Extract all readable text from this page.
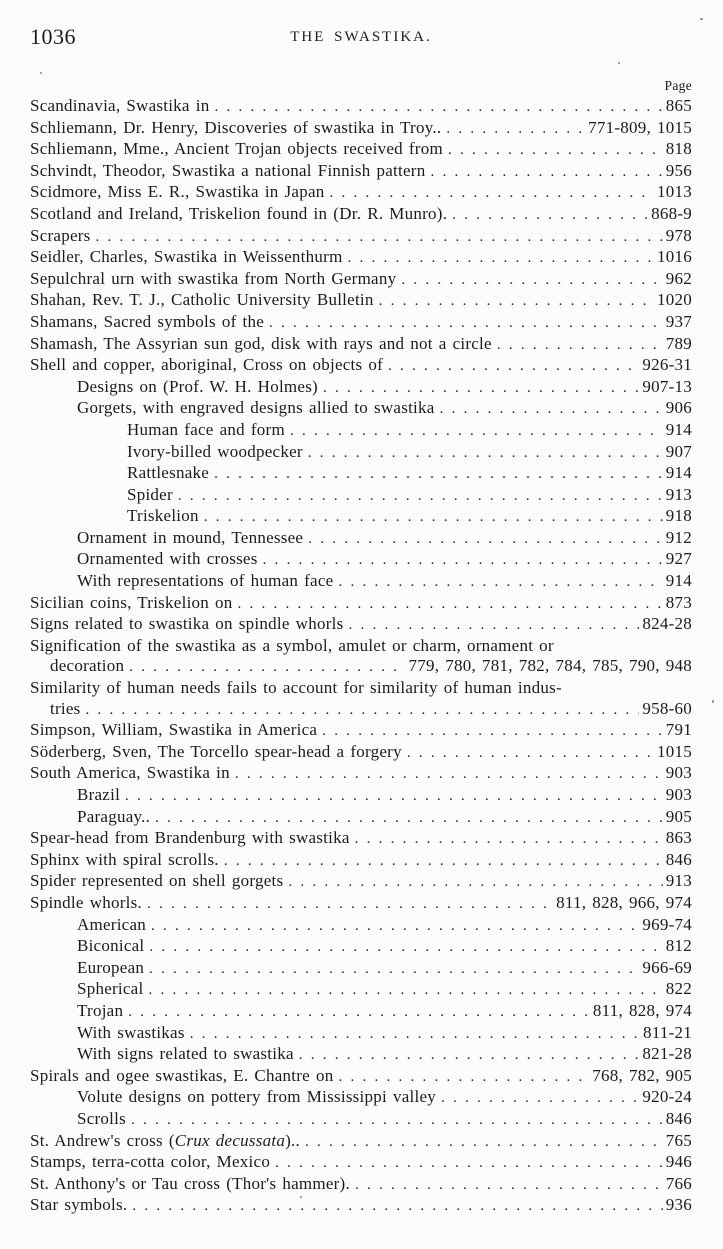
1036	THE SWASTIKA.
Page
Scandinavia, Swastika in . . .	865
Schliemann, Dr. Henry, Discoveries of swastika in Troy.. . . .	771-809, 1015
Schliemann, Mme., Ancient Trojan objects received from . . .	818
Schvindt, Theodor, Swastika a national Finnish pattern . . .	956
Scidmore, Miss E. R., Swastika in Japan . . .	1013
Scotland and Ireland, Triskelion found in (Dr. R. Munro). . . .	868-9
Scrapers . . .	978
Seidler, Charles, Swastika in Weissenthurm . . .	1016
Sepulchral urn with swastika from North Germany . . .	962
Shahan, Rev. T. J., Catholic University Bulletin . . .	1020
Shamans, Sacred symbols of the . . .	937
Shamash, The Assyrian sun god, disk with rays and not a circle . . .	789
Shell and copper, aboriginal, Cross on objects of . . .	926-31
Designs on (Prof. W. H. Holmes) . . .	907-13
Gorgets, with engraved designs allied to swastika . . .	906
Human face and form . . .	914
Ivory-billed woodpecker . . .	907
Rattlesnake . . .	914
Spider . . .	913
Triskelion . . .	918
Ornament in mound, Tennessee . . .	912
Ornamented with crosses . . .	927
With representations of human face . . .	914
Sicilian coins, Triskelion on . . .	873
Signs related to swastika on spindle whorls . . .	824-28
Signification of the swastika as a symbol, amulet or charm, ornament or
decoration . . .	779, 780, 781, 782, 784, 785, 790, 948
Similarity of human needs fails to account for similarity of human indus-
tries . . .	958-60
Simpson, William, Swastika in America . . .	791
Söderberg, Sven, The Torcello spear-head a forgery . . .	1015
South America, Swastika in . . .	903
Brazil . . .	903
Paraguay.. . . .	905
Spear-head from Brandenburg with swastika . . .	863
Sphinx with spiral scrolls. . . .	846
Spider represented on shell gorgets . . .	913
Spindle whorls. . . .	811, 828, 966, 974
American . . .	969-74
Biconical . . .	812
European . . .	966-69
Spherical . . .	822
Trojan . . .	811, 828, 974
With swastikas . . .	811-21
With signs related to swastika . . .	821-28
Spirals and ogee swastikas, E. Chantre on . . .	768, 782, 905
Volute designs on pottery from Mississippi valley . . .	920-24
Scrolls . . .	846
St. Andrew's cross ( Crux decussata ).. . . .	765
Stamps, terra-cotta color, Mexico . . .	946
St. Anthony's or Tau cross (Thor's hammer). . . .	766
Star symbols. . . .	936
